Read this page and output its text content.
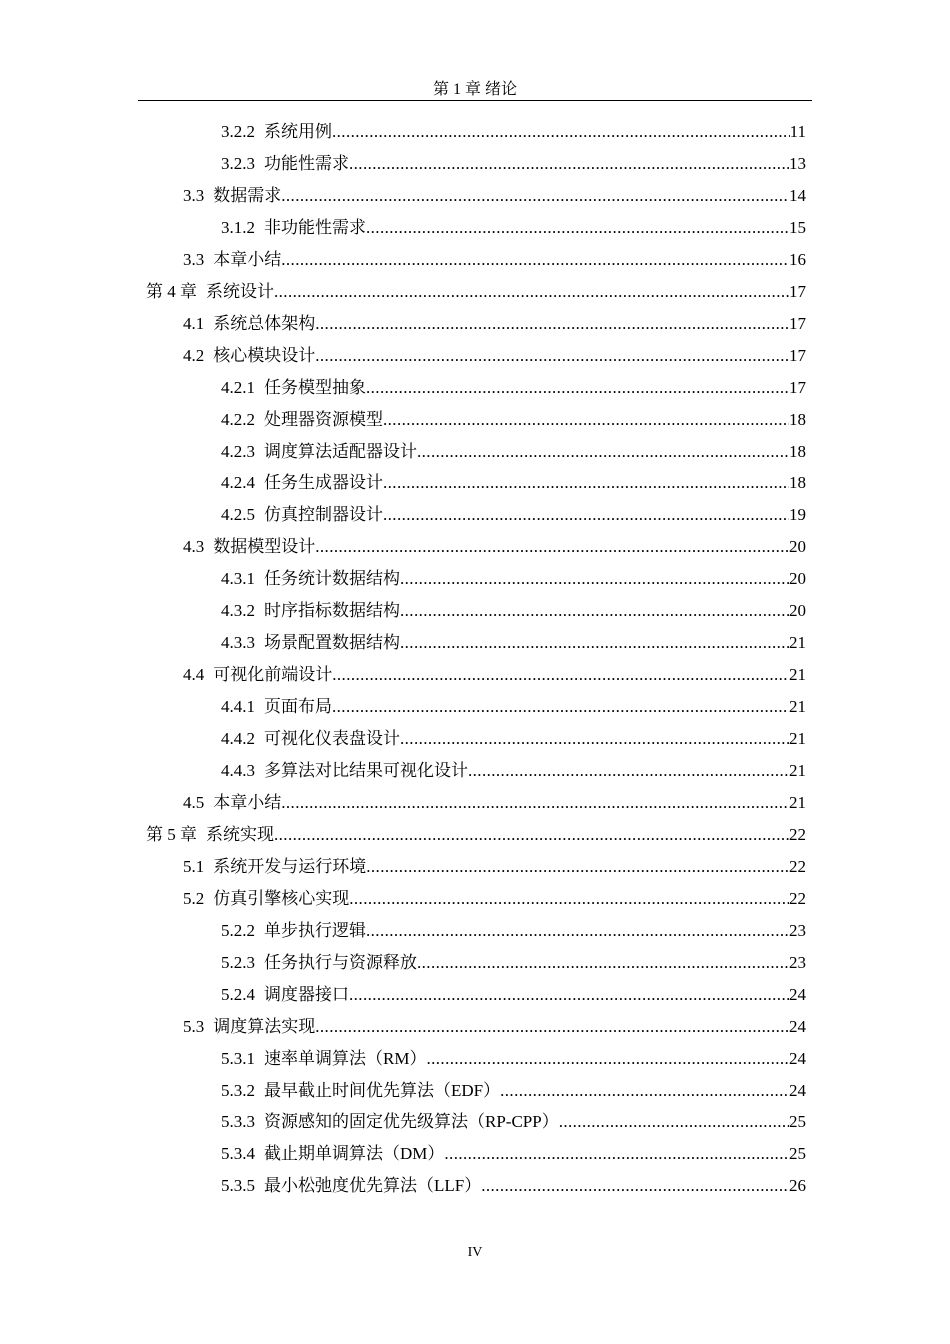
第 1 章 绪论
3.2.2 系统用例 .....	11
3.2.3 功能性需求 .....	13
3.3 数据需求 .....	14
3.1.2 非功能性需求 .....	15
3.3 本章小结 .....	16
第 4 章 系统设计 .....	17
4.1 系统总体架构 .....	17
4.2 核心模块设计 .....	17
4.2.1 任务模型抽象 .....	17
4.2.2 处理器资源模型 .....	18
4.2.3 调度算法适配器设计 .....	18
4.2.4 任务生成器设计 .....	18
4.2.5 仿真控制器设计 .....	19
4.3 数据模型设计 .....	20
4.3.1 任务统计数据结构 .....	20
4.3.2 时序指标数据结构 .....	20
4.3.3 场景配置数据结构 .....	21
4.4 可视化前端设计 .....	21
4.4.1 页面布局 .....	21
4.4.2 可视化仪表盘设计 .....	21
4.4.3 多算法对比结果可视化设计 .....	21
4.5 本章小结 .....	21
第 5 章 系统实现 .....	22
5.1 系统开发与运行环境 .....	22
5.2 仿真引擎核心实现 .....	22
5.2.2 单步执行逻辑 .....	23
5.2.3 任务执行与资源释放 .....	23
5.2.4 调度器接口 .....	24
5.3 调度算法实现 .....	24
5.3.1 速率单调算法（RM） .....	24
5.3.2 最早截止时间优先算法（EDF） .....	24
5.3.3 资源感知的固定优先级算法（RP-CPP） .....	25
5.3.4 截止期单调算法（DM） .....	25
5.3.5 最小松弛度优先算法（LLF） .....	26
IV
